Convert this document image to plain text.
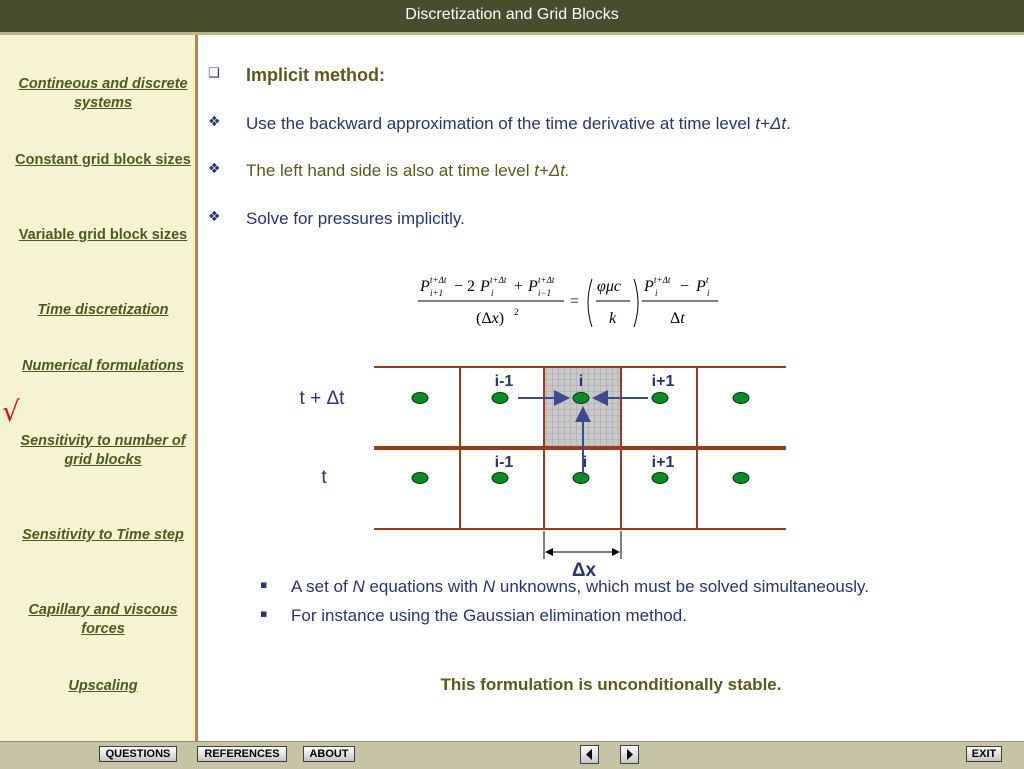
Discretization and Grid Blocks
Contineous and discrete systems
Constant grid block sizes
Variable grid block sizes
Time discretization
Numerical formulations
Sensitivity to number of grid blocks
Sensitivity to Time step
Capillary and viscous forces
Upscaling
√
❑ Implicit method:
❖ Use the backward approximation of the time derivative at time level t+Δt.
❖ The left hand side is also at time level t+Δt.
❖ Solve for pressures implicitly.
P t+Δt
i+1 − 2 P t+Δt
i + P t+Δt
i−1
(Δx) 2
=
φμc
k
P t+Δt
i − P t
i
Δt
i-1	i	i+1
i-1	i	i+1
Δx
t + Δt
t
▪ A set of N equations with N unknowns, which must be solved simultaneously.
▪ For instance using the Gaussian elimination method.
This formulation is unconditionally stable.
QUESTIONS	REFERENCES	ABOUT	EXIT
